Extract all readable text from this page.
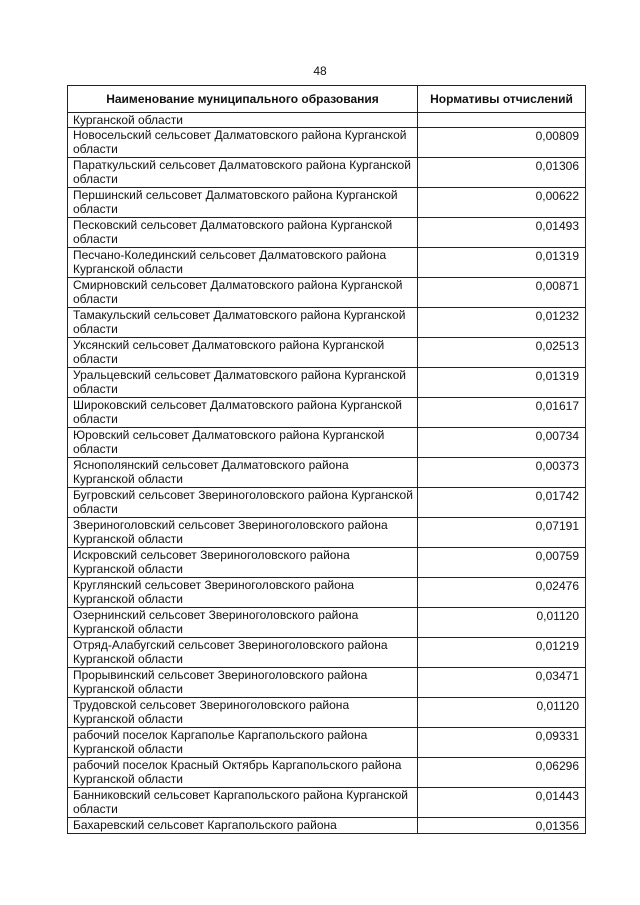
48
Наименование муниципального образования	Нормативы отчислений
Курганской области	
Новосельский сельсовет Далматовского района Курганской области	0,00809
Параткульский сельсовет Далматовского района Курганской области	0,01306
Першинский сельсовет Далматовского района Курганской области	0,00622
Песковский сельсовет Далматовского района Курганской области	0,01493
Песчано-Колединский сельсовет Далматовского района Курганской области	0,01319
Смирновский сельсовет Далматовского района Курганской области	0,00871
Тамакульский сельсовет Далматовского района Курганской области	0,01232
Уксянский сельсовет Далматовского района Курганской области	0,02513
Уральцевский сельсовет Далматовского района Курганской области	0,01319
Широковский сельсовет Далматовского района Курганской области	0,01617
Юровский сельсовет Далматовского района Курганской области	0,00734
Яснополянский сельсовет Далматовского района Курганской области	0,00373
Бугровский сельсовет Звериноголовского района Курганской области	0,01742
Звериноголовский сельсовет Звериноголовского района Курганской области	0,07191
Искровский сельсовет Звериноголовского района Курганской области	0,00759
Круглянский сельсовет Звериноголовского района Курганской области	0,02476
Озернинский сельсовет Звериноголовского района Курганской области	0,01120
Отряд-Алабугский сельсовет Звериноголовского района Курганской области	0,01219
Прорывинский сельсовет Звериноголовского района Курганской области	0,03471
Трудовской сельсовет Звериноголовского района Курганской области	0,01120
рабочий поселок Каргаполье Каргапольского района Курганской области	0,09331
рабочий поселок Красный Октябрь Каргапольского района Курганской области	0,06296
Банниковский сельсовет Каргапольского района Курганской области	0,01443
Бахаревский сельсовет Каргапольского района	0,01356
